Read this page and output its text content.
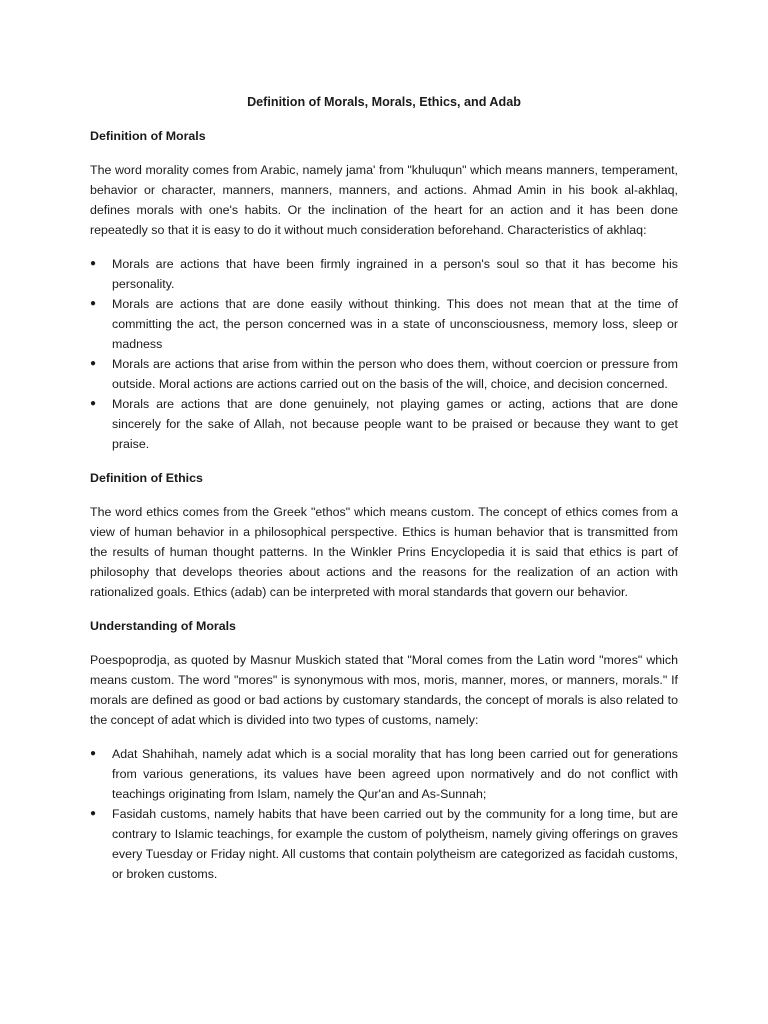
Definition of Morals, Morals, Ethics, and Adab
Definition of Morals

The word morality comes from Arabic, namely jama' from "khuluqun" which means manners, temperament, behavior or character, manners, manners, manners, and actions. Ahmad Amin in his book al-akhlaq, defines morals with one's habits. Or the inclination of the heart for an action and it has been done repeatedly so that it is easy to do it without much consideration beforehand. Characteristics of akhlaq:

●	Morals are actions that have been firmly ingrained in a person's soul so that it has become his personality.
●	Morals are actions that are done easily without thinking. This does not mean that at the time of committing the act, the person concerned was in a state of unconsciousness, memory loss, sleep or madness
●	Morals are actions that arise from within the person who does them, without coercion or pressure from outside. Moral actions are actions carried out on the basis of the will, choice, and decision concerned.
●	Morals are actions that are done genuinely, not playing games or acting, actions that are done sincerely for the sake of Allah, not because people want to be praised or because they want to get praise.
Definition of Ethics

The word ethics comes from the Greek "ethos" which means custom. The concept of ethics comes from a view of human behavior in a philosophical perspective. Ethics is human behavior that is transmitted from the results of human thought patterns. In the Winkler Prins Encyclopedia it is said that ethics is part of philosophy that develops theories about actions and the reasons for the realization of an action with rationalized goals. Ethics (adab) can be interpreted with moral standards that govern our behavior.

Understanding of Morals

Poespoprodja, as quoted by Masnur Muskich stated that "Moral comes from the Latin word "mores" which means custom. The word "mores" is synonymous with mos, moris, manner, mores, or manners, morals." If morals are defined as good or bad actions by customary standards, the concept of morals is also related to the concept of adat which is divided into two types of customs, namely:

●	Adat Shahihah, namely adat which is a social morality that has long been carried out for generations from various generations, its values have been agreed upon normatively and do not conflict with teachings originating from Islam, namely the Qur'an and As-Sunnah;
●	Fasidah customs, namely habits that have been carried out by the community for a long time, but are contrary to Islamic teachings, for example the custom of polytheism, namely giving offerings on graves every Tuesday or Friday night. All customs that contain polytheism are categorized as facidah customs, or broken customs.
